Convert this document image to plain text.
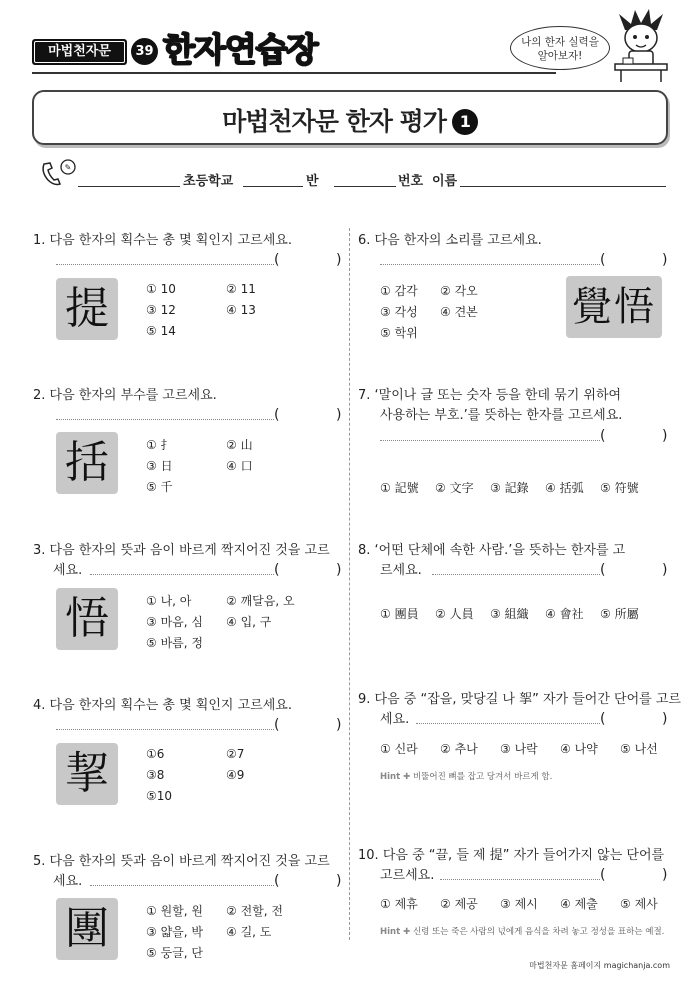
마법천자문	39 한자연습장	나의 한자 실력을
알아보자!
마법천자문 한자 평가 1
✎
초등학교	반	번호 이름
1. 다음 한자의 획수는 총 몇 획인지 고르세요.
(	)
提	① 10	② 11
③ 12	④ 13
⑤ 14
2. 다음 한자의 부수를 고르세요.
(	)
括	① 扌	② 山
③ 日	④ 口
⑤ 千
3. 다음 한자의 뜻과 음이 바르게 짝지어진 것을 고르
세요.	(	)
悟	① 나, 아	② 깨달음, 오
③ 마음, 심 ④ 입, 구
⑤ 바름, 정
4. 다음 한자의 획수는 총 몇 획인지 고르세요.
(	)
挈	①6	②7
③8	④9
⑤10
5. 다음 한자의 뜻과 음이 바르게 짝지어진 것을 고르
세요.	(	)
團	① 원할, 원 ② 전할, 전
③ 얇을, 박 ④ 길, 도
⑤ 둥글, 단
6. 다음 한자의 소리를 고르세요.
(	)
① 감각 ② 각오
③ 각성 ④ 견본
⑤ 학위
覺悟
7. ‘말이나 글 또는 숫자 등을 한데 묶기 위하여
사용하는 부호.’를 뜻하는 한자를 고르세요.
(	)
① 記號 ② 文字 ③ 記錄 ④ 括弧 ⑤ 符號
8. ‘어떤 단체에 속한 사람.’을 뜻하는 한자를 고
르세요.	(	)
① 團員 ② 人員 ③ 組織 ④ 會社 ⑤ 所屬
9. 다음 중 “잡을, 맞당길 나 挐” 자가 들어간 단어를 고르
세요.	(	)
① 신라 ② 추나 ③ 나락 ④ 나약 ⑤ 나선
Hint ✚ 비뚤어진 뼈를 잡고 당겨서 바르게 함.
10. 다음 중 “끌, 들 제 提” 자가 들어가지 않는 단어를
고르세요.	(	)
① 제휴 ② 제공 ③ 제시 ④ 제출 ⑤ 제사
Hint ✚ 신령 또는 죽은 사람의 넋에게 음식을 차려 놓고 정성을 표하는 예절.
마법천자문 홈페이지 magichanja.com
